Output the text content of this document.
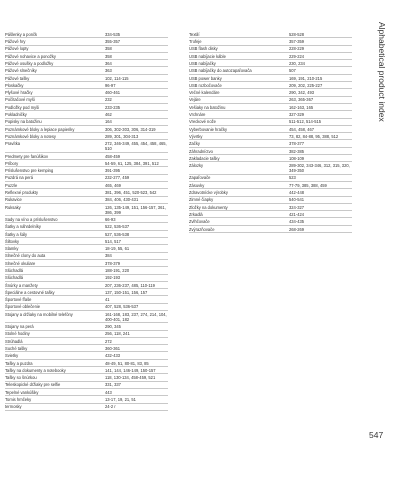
Alphabetical product index
Pášlenky a pončk	334-535
Pážové hry	355-357
Pážové lopty	358
Pážové nohavice a ponožky	358
Pážové osušky a podložky	364
Pážové slnečníky	363
Pážové tašky	102, 114-115
Ploskačky	96-97
Plyšové hračky	460-461
Počítačové myši	232
Podložky pod myši	233-235
Pokladničky	462
Popisky na batožinu	164
Poznámkové bloky a lepiace papieriky	306, 302-303, 306, 314-319
Poznámkové bloky a notesy	289, 301, 304-313
Pravítka	272, 346-349, 455, 454, 458, 465, 510
Predmety pre fanúšikov	458-459
Príbory	54-59, 61, 125, 384, 391, 512
Príslušenstvo pre kemping	391-395
Puzdrá na perá	232-277, 459
Puzzle	465, 469
Reflexné produkty	381, 396, 451, 520-523, 542
Rukavice	384, 406, 430-431
Ruksaky	126, 135-149, 151, 156-157, 361, 386, 399
Sady na víno a príslušenstvo	66-93
Šatky a náhrdelníky	522, 536-537
Šatky a šály	527, 536-538
Šiltovky	514, 517
Slamky	18-19, 55, 61
Slnečné clony do auta	384
Slnečné okuliare	378-379
Slúchadlá	188-191, 220
Slúchadlá	192-193
Šnúrky a manžety	207, 236-237, 485, 110-119
Špeciálne a cestovné tašky	137, 150-151, 156, 157
Športové fľaše	41
Športové oblečenie	407, 528, 536-537
Stojany a držiaky na mobilné telefóny	161-168, 183, 237, 274, 214, 104, 400-401, 182
Stojany na perá	290, 345
Stolné hodiny	256, 118, 241
Strúhadlá	272
Suché tašky	360-361
Svietky	432-433
Tašky a puzdra	48-49, 51, 80-81, 83, 85
Tašky na dokumenty a notebooky	141, 144, 146-149, 150-157
Tašky so šnúrkou	118, 130-134, 458-459, 521
Teleskopické držiaky pre selfie	331, 337
Tepelné vankúšiky	443
Tomis hrnčeky	13-17, 19, 21, 51
termosky	24-2 r
Textilí	528-528
Trofeje	357-359
USB flash disky	228-229
USB nabíjacie káble	229-224
USB nabíjačky	230, 234
USB nabíjačky do autozapaľovača	507
USB power banky	169, 191, 210-215
USB rozbočovače	209, 202, 225-227
Večné kalendáre	290, 342, 493
Vejáre	263, 365-367
Vešiaky na batožinu	162-163, 165
Vrchnáre	327-329
Vreckové nože	511-512, 514-515
Vyberbovanie hračky	454, 458, 467
Vývrtky	73, 82, 84-88, 95, 388, 512
Začky	378-377
Záhradníctvo	382-385
Zakladacie tašky	108-109
Zálozky	289-302, 343-346, 312, 315, 320, 349-350
Zapaľovače	523
Zásuvky	77-79, 385, 388, 459
Zdravotnícke výrobky	442-448
Zimné čiapky	540-541
Zložky na dokumenty	324-327
Zrkadlá	421-424
Zvlhčovače	434-435
Zvýrazňovače	268-269
547
